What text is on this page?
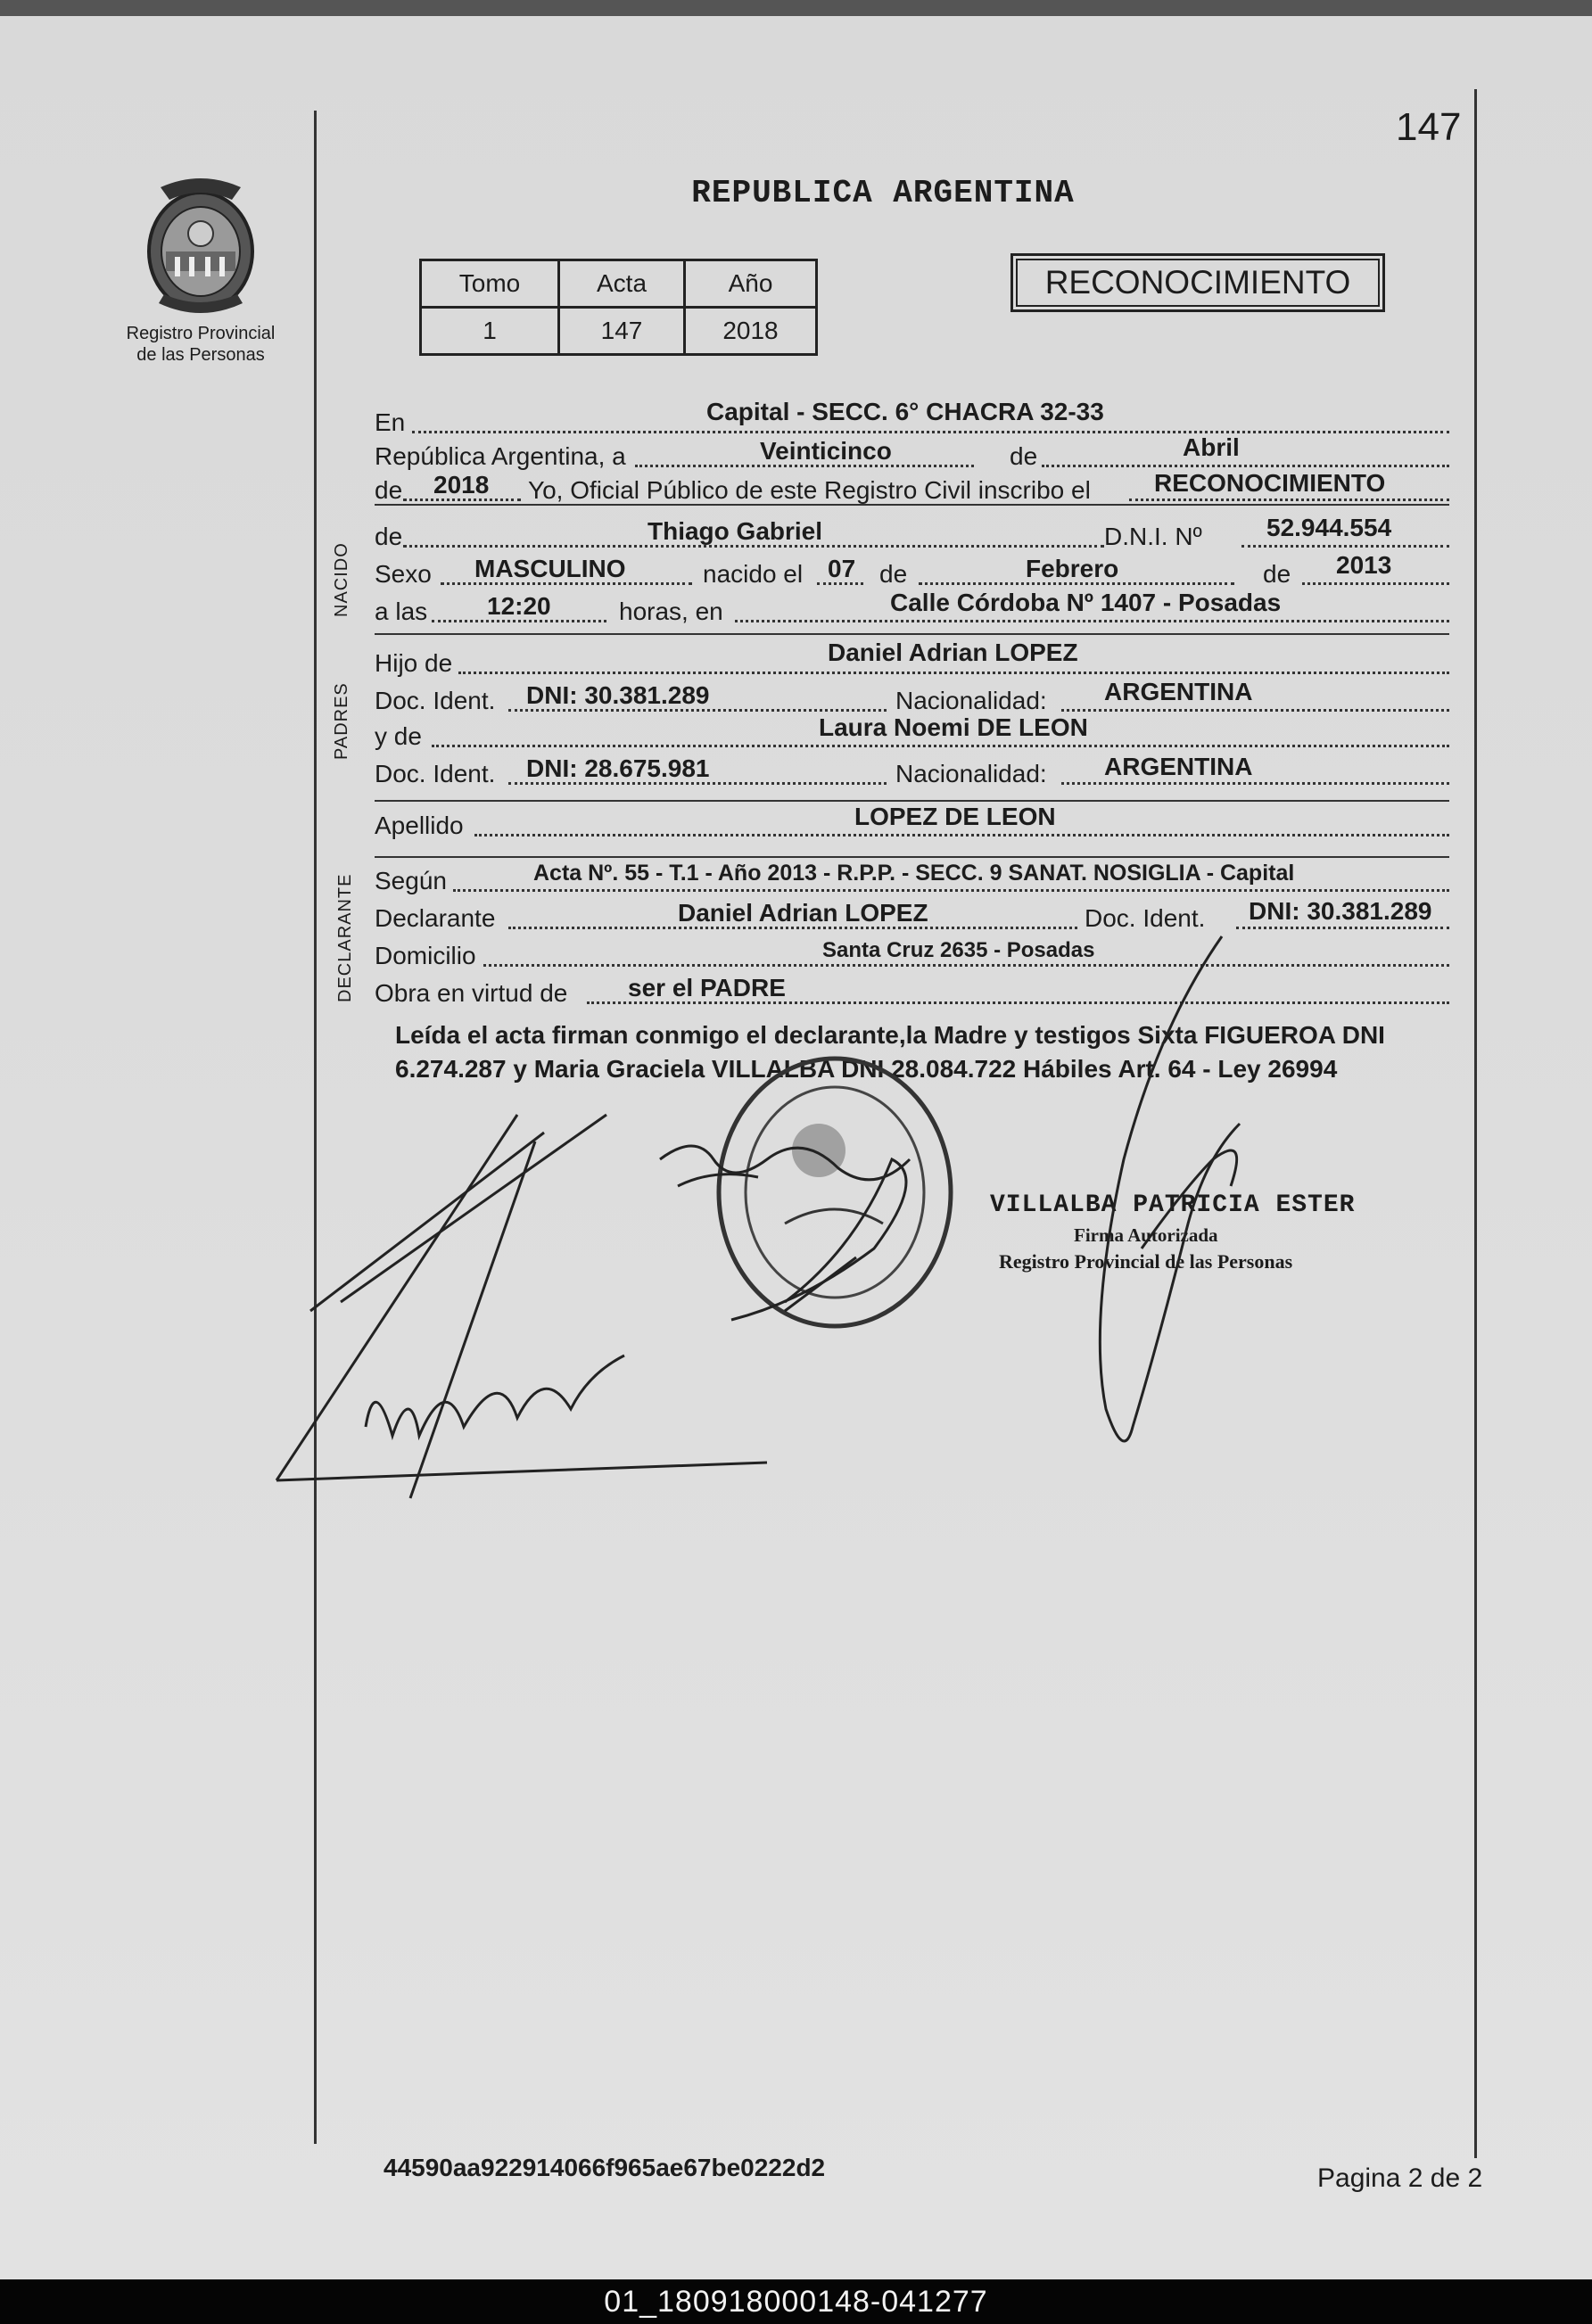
147
Registro Provincial
de las Personas
REPUBLICA ARGENTINA
Tomo	Acta	Año
1	147	2018
RECONOCIMIENTO
NACIDO
PADRES
DECLARANTE
En	Capital - SECC. 6° CHACRA 32-33
República Argentina, a	Veinticinco	de	Abril
de 2018 Yo, Oficial Público de este Registro Civil inscribo el	RECONOCIMIENTO
de	Thiago Gabriel	D.N.I. Nº	52.944.554
Sexo MASCULINO	nacido el 07 de	Febrero	de 2013
a las 12:20	horas, en	Calle Córdoba Nº 1407 - Posadas
Hijo de	Daniel Adrian LOPEZ
Doc. Ident. DNI: 30.381.289	Nacionalidad: ARGENTINA
y de	Laura Noemi DE LEON
Doc. Ident. DNI: 28.675.981	Nacionalidad: ARGENTINA
Apellido	LOPEZ DE LEON
Según	Acta Nº. 55 - T.1 - Año 2013 - R.P.P. - SECC. 9 SANAT. NOSIGLIA - Capital
Declarante	Daniel Adrian LOPEZ	Doc. Ident. DNI: 30.381.289
Domicilio	Santa Cruz 2635 - Posadas
Obra en virtud de ser el PADRE
Leída el acta firman conmigo el declarante,la Madre y testigos Sixta FIGUEROA DNI 6.274.287 y Maria Graciela VILLALBA DNI 28.084.722 Hábiles Art. 64 - Ley 26994
VILLALBA PATRICIA ESTER
Firma Autorizada
Registro Provincial de las Personas
44590aa922914066f965ae67be0222d2	Pagina 2 de 2
01_180918000148-041277
